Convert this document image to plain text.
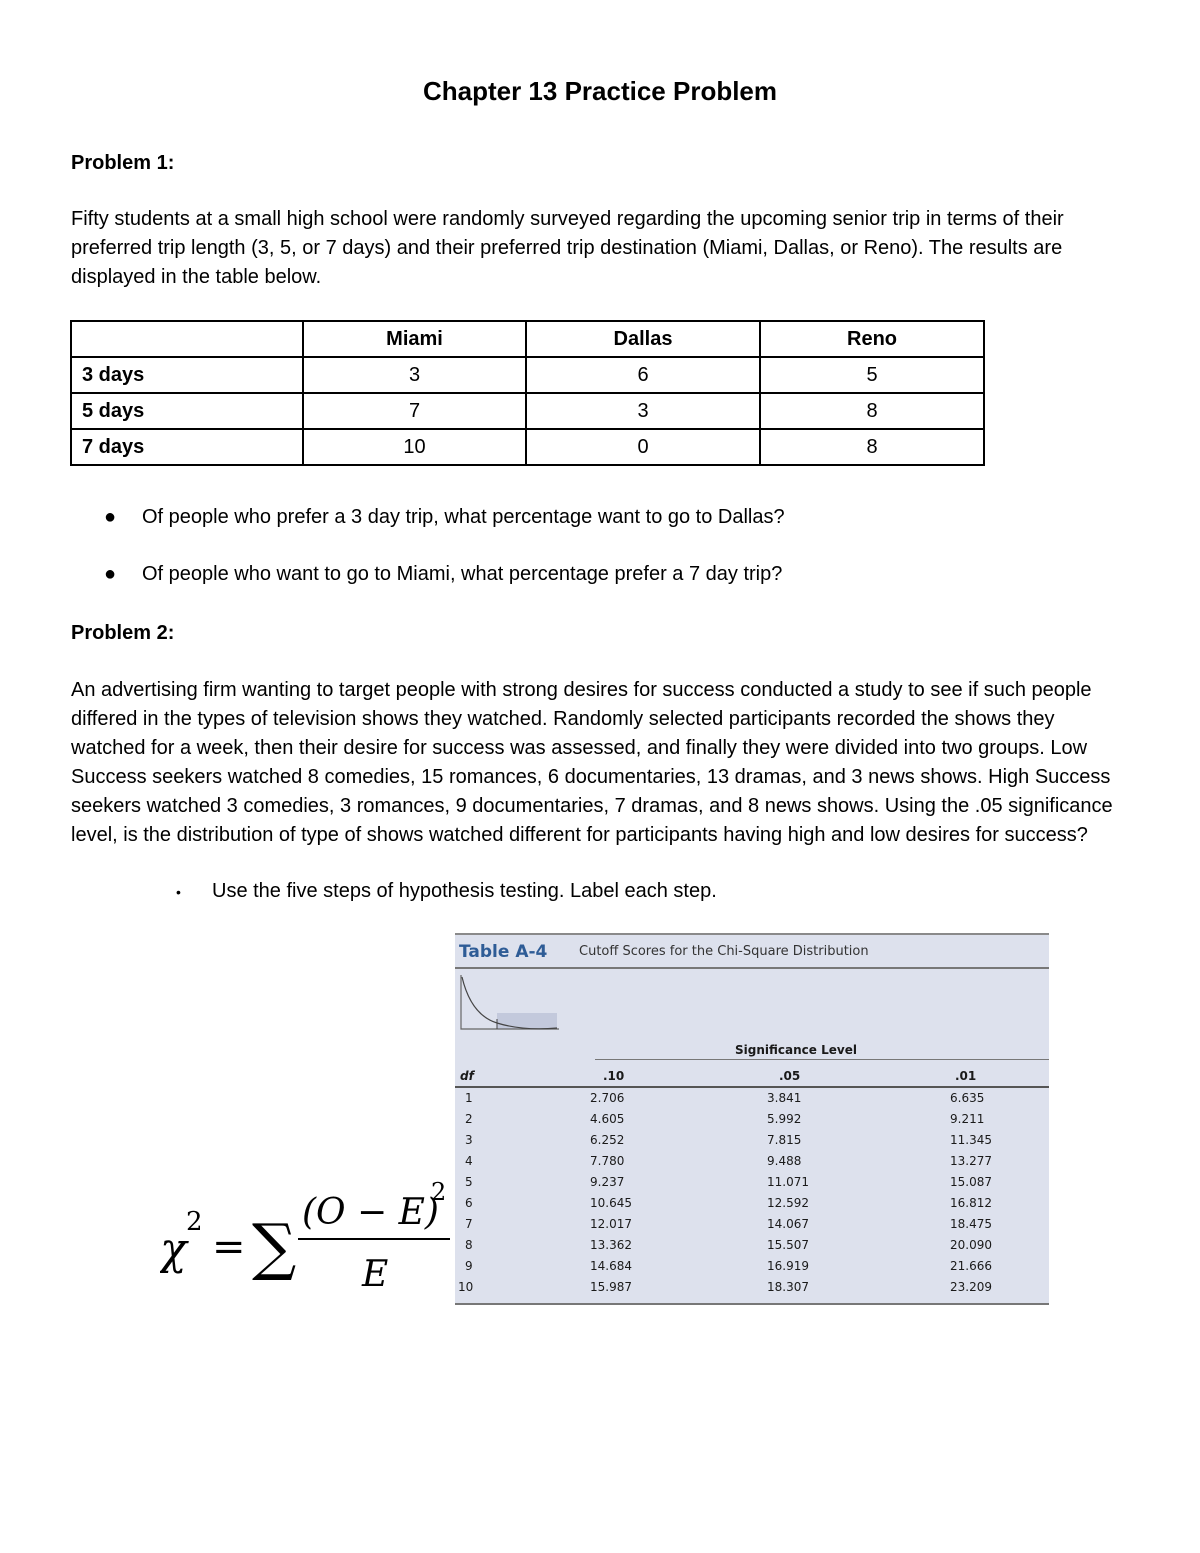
Chapter 13 Practice Problem

Problem 1:

Fifty students at a small high school were randomly surveyed regarding the upcoming senior trip in terms of their preferred trip length (3, 5, or 7 days) and their preferred trip destination (Miami, Dallas, or Reno). The results are displayed in the table below.

	Miami	Dallas	Reno
3 days	3	6	5
5 days	7	3	8
7 days	10	0	8

● Of people who prefer a 3 day trip, what percentage want to go to Dallas?

● Of people who want to go to Miami, what percentage prefer a 7 day trip?

Problem 2:

An advertising firm wanting to target people with strong desires for success conducted a study to see if such people differed in the types of television shows they watched. Randomly selected participants recorded the shows they watched for a week, then their desire for success was assessed, and finally they were divided into two groups. Low Success seekers watched 8 comedies, 15 romances, 6 documentaries, 13 dramas, and 3 news shows. High Success seekers watched 3 comedies, 3 romances, 9 documentaries, 7 dramas, and 8 news shows. Using the .05 significance level, is the distribution of type of shows watched different for participants having high and low desires for success?

• Use the five steps of hypothesis testing. Label each step.

Table A-4 Cutoff Scores for the Chi-Square Distribution
Significance Level
df	.10	.05	.01
1	2.706	3.841	6.635
2	4.605	5.992	9.211
3	6.252	7.815	11.345
4	7.780	9.488	13.277
5	9.237	11.071	15.087
6	10.645	12.592	16.812
7	12.017	14.067	18.475
8	13.362	15.507	20.090
9	14.684	16.919	21.666
10	15.987	18.307	23.209
χ
2
= ∑ (O − E)
2
E
